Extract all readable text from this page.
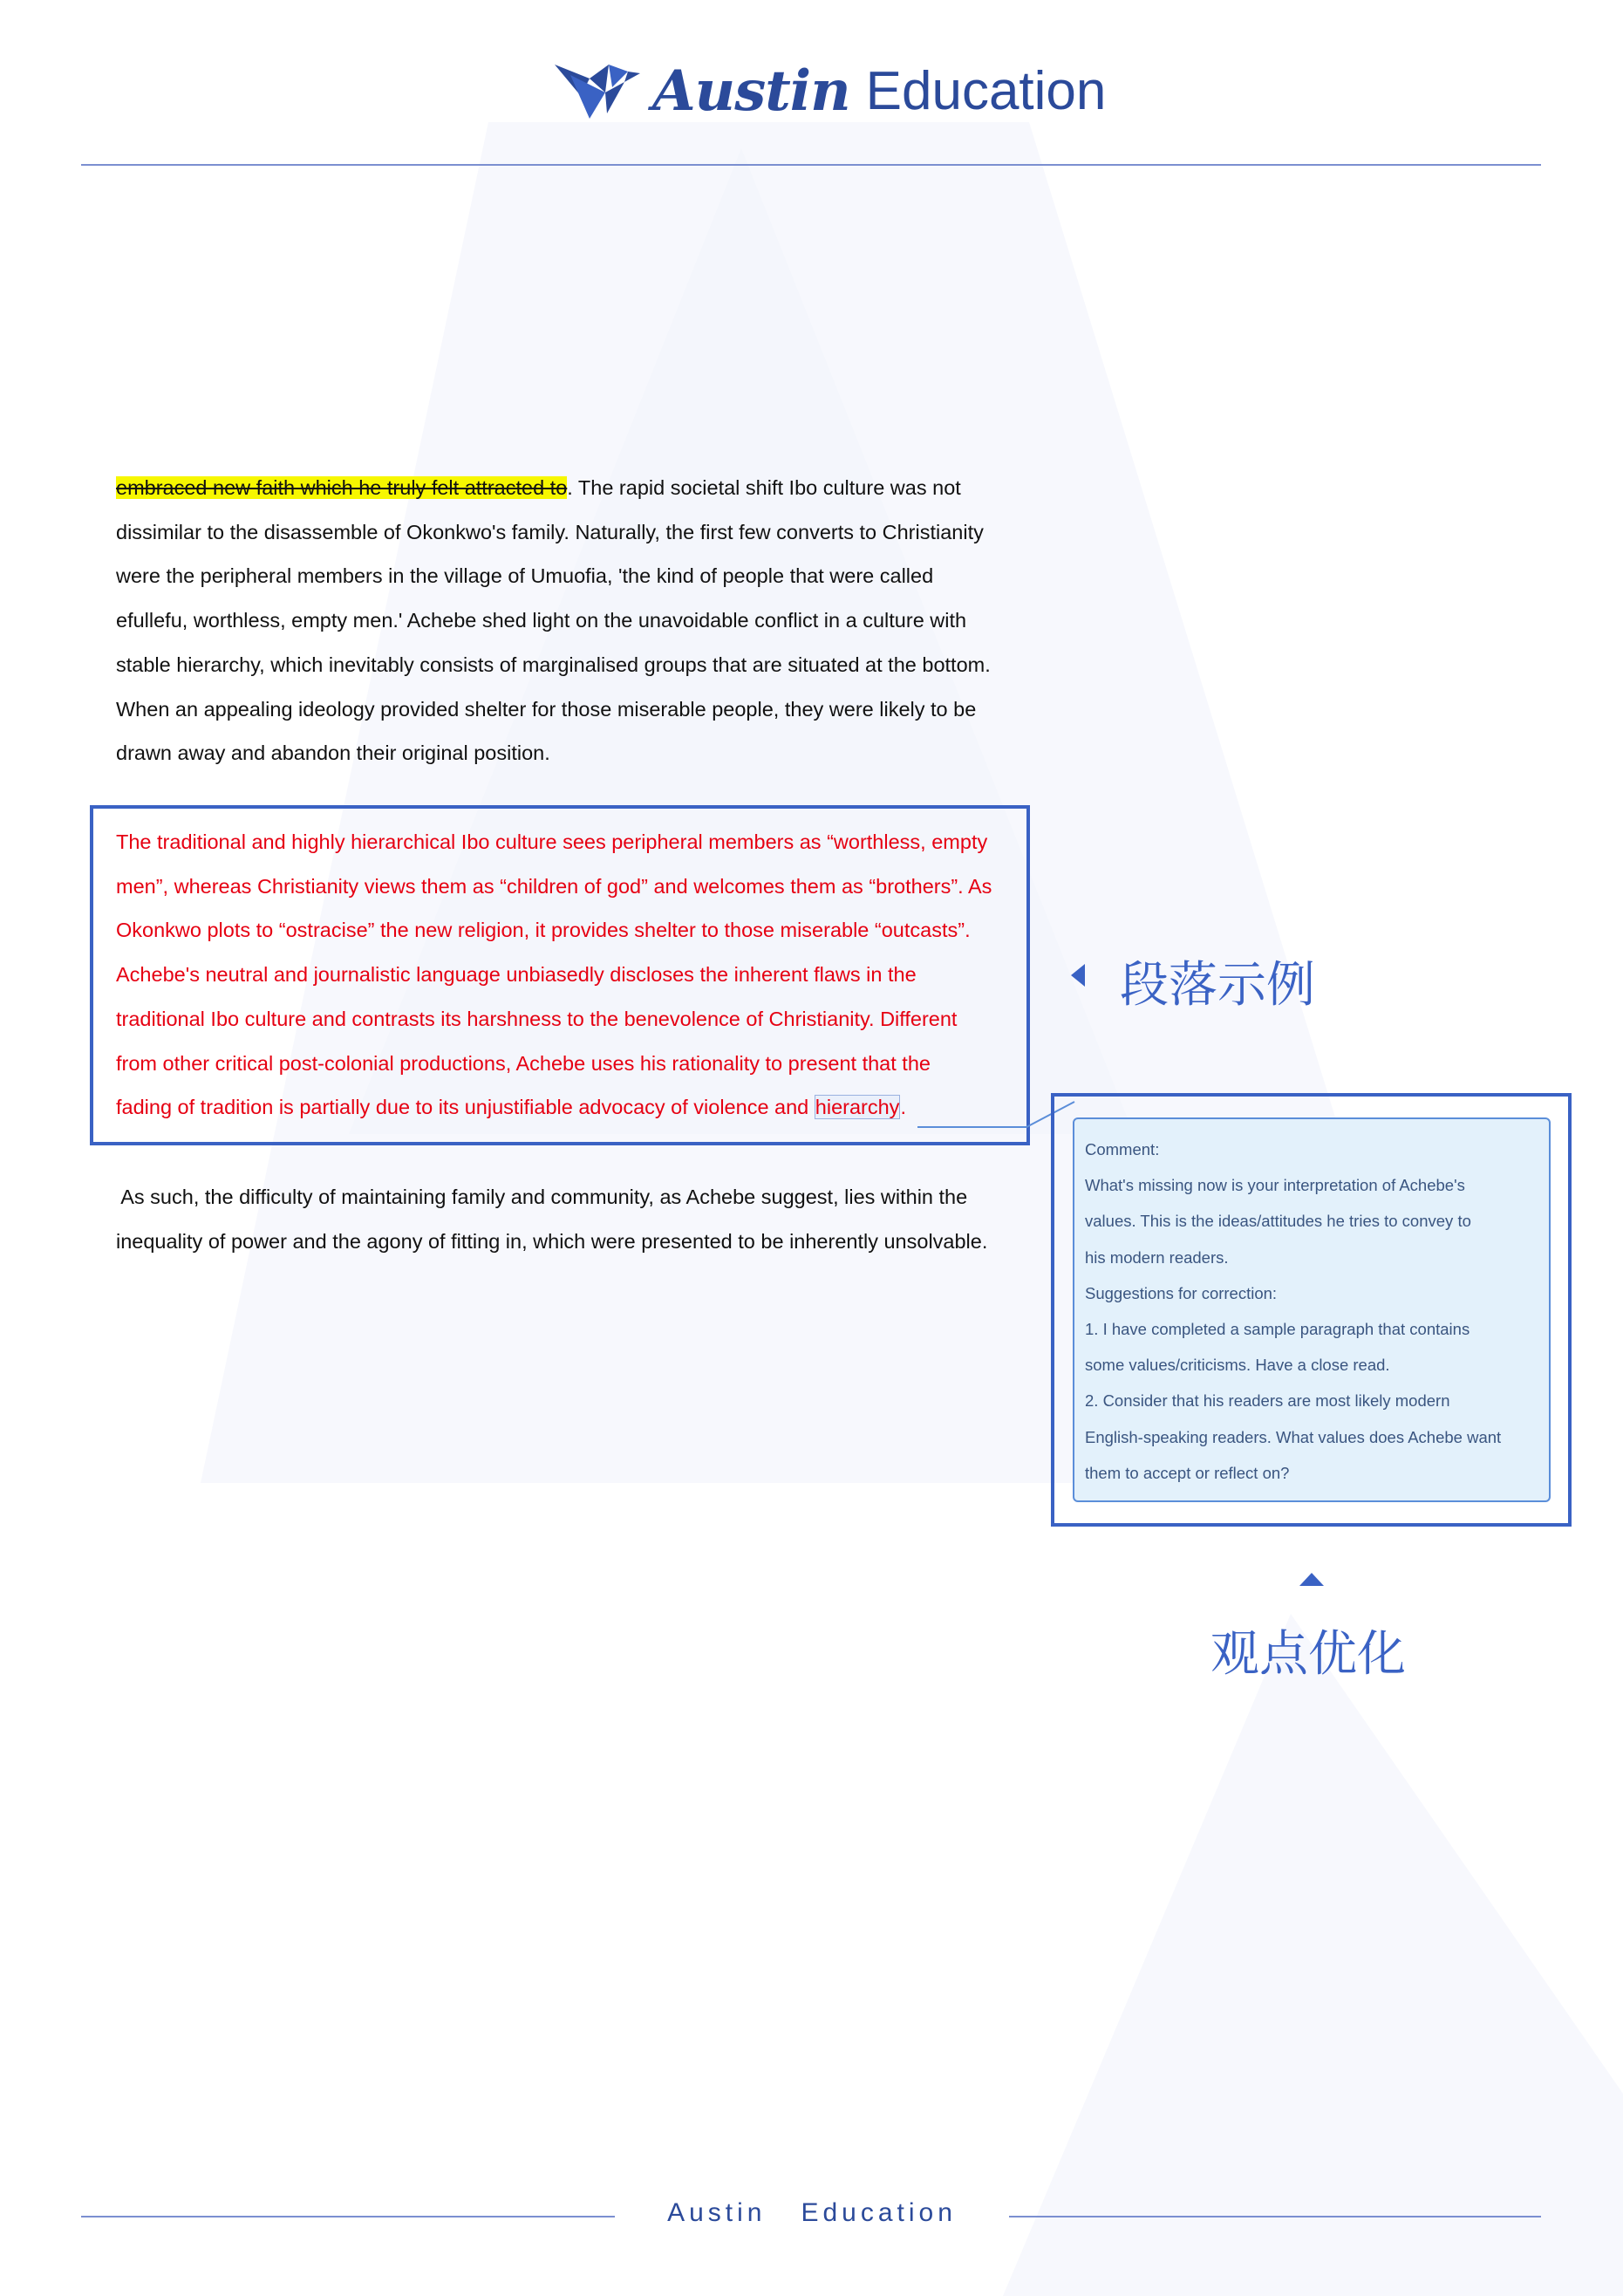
Austin Education
embraced new faith which he truly felt attracted to. The rapid societal shift Ibo culture was not
dissimilar to the disassemble of Okonkwo's family. Naturally, the first few converts to Christianity
were the peripheral members in the village of Umuofia, 'the kind of people that were called
efullefu, worthless, empty men.' Achebe shed light on the unavoidable conflict in a culture with
stable hierarchy, which inevitably consists of marginalised groups that are situated at the bottom.
When an appealing ideology provided shelter for those miserable people, they were likely to be
drawn away and abandon their original position.
The traditional and highly hierarchical Ibo culture sees peripheral members as “worthless, empty
men”, whereas Christianity views them as “children of god” and welcomes them as “brothers”. As
Okonkwo plots to “ostracise” the new religion, it provides shelter to those miserable “outcasts”.
Achebe's neutral and journalistic language unbiasedly discloses the inherent flaws in the
traditional Ibo culture and contrasts its harshness to the benevolence of Christianity. Different
from other critical post-colonial productions, Achebe uses his rationality to present that the
fading of tradition is partially due to its unjustifiable advocacy of violence and hierarchy.
As such, the difficulty of maintaining family and community, as Achebe suggest, lies within the
inequality of power and the agony of fitting in, which were presented to be inherently unsolvable.
段落示例
Comment:
What's missing now is your interpretation of Achebe's
values. This is the ideas/attitudes he tries to convey to
his modern readers.
Suggestions for correction:
1. I have completed a sample paragraph that contains
some values/criticisms. Have a close read.
2. Consider that his readers are most likely modern
English-speaking readers. What values does Achebe want
them to accept or reflect on?
观点优化
Austin   Education
